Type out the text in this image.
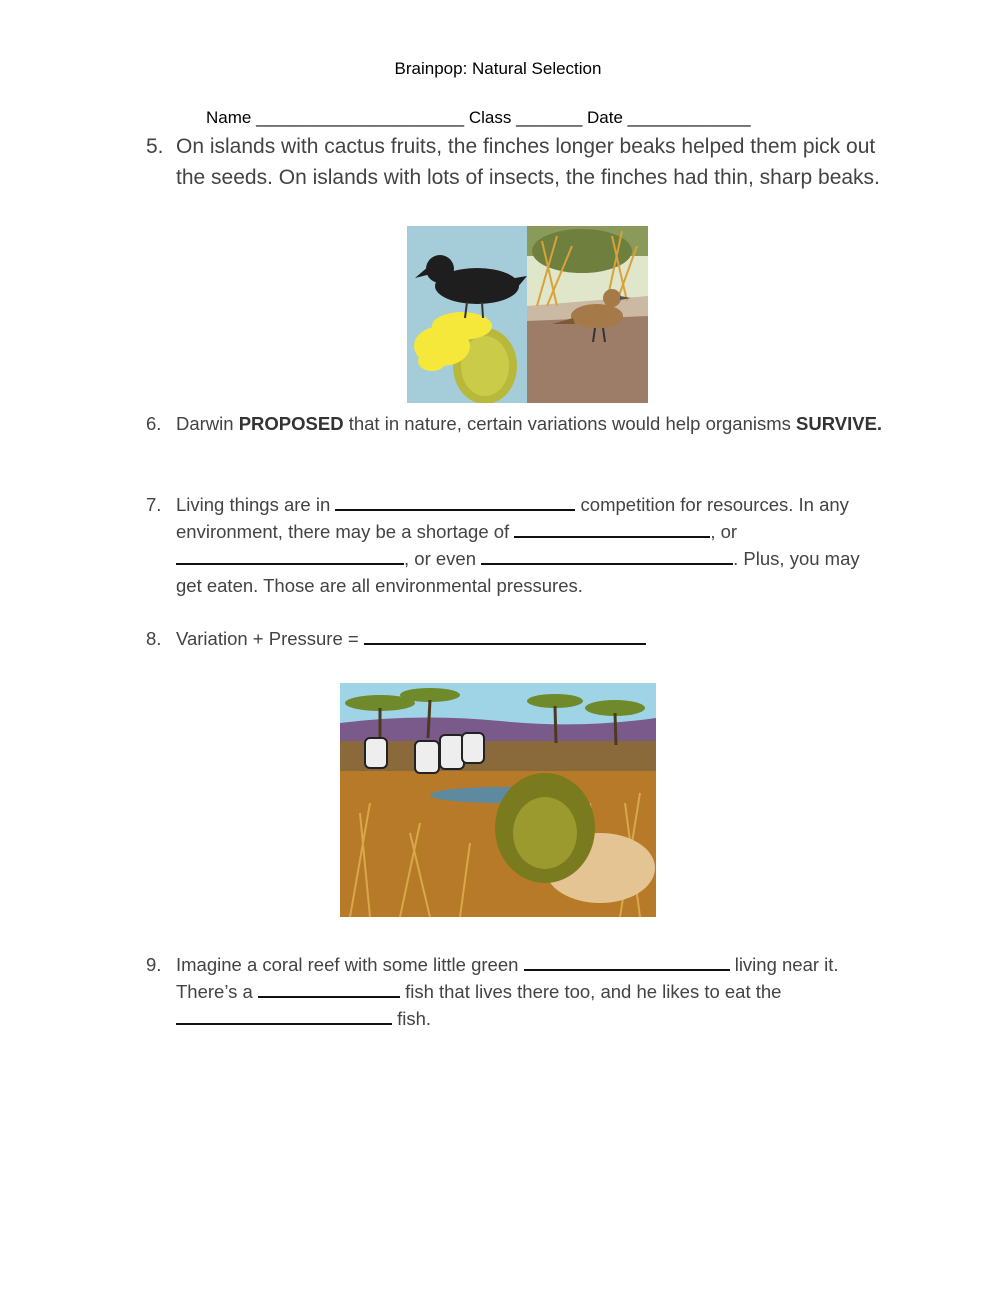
Brainpop: Natural Selection
Name ______________________ Class _______ Date _____________
5. On islands with cactus fruits, the finches longer beaks helped them pick out the seeds. On islands with lots of insects, the finches had thin, sharp beaks.
6. Darwin PROPOSED that in nature, certain variations would help organisms SURVIVE.
7. Living things are in	competition for resources. In any environment, there may be a shortage of	, or
, or even	. Plus, you may get eaten. Those are all environmental pressures.
8. Variation + Pressure =
9. Imagine a coral reef with some little green	living near it. There’s a	fish that lives there too, and he likes to eat the
fish.
